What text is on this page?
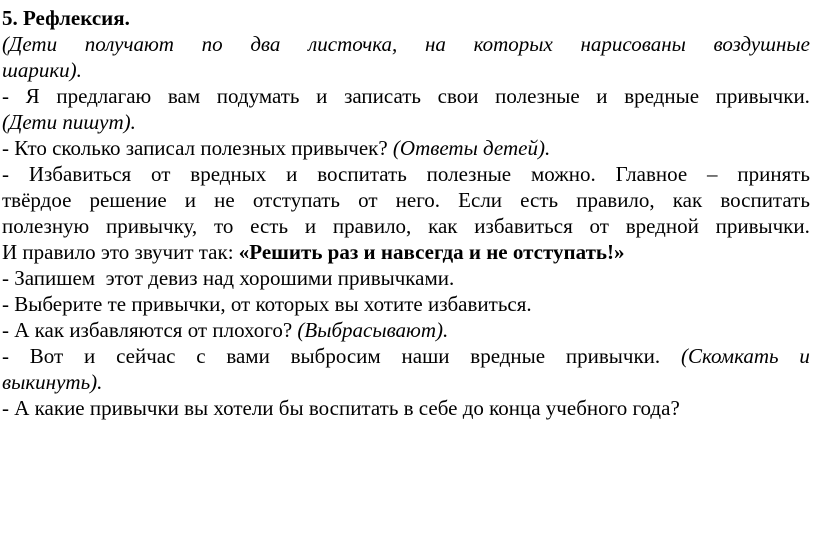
5. Рефлексия.
(Дети получают по два листочка, на которых нарисованы воздушные
шарики).
- Я предлагаю вам подумать и записать свои полезные и вредные привычки.
(Дети пишут).
- Кто сколько записал полезных привычек? (Ответы детей).
- Избавиться от вредных и воспитать полезные можно. Главное – принять
твёрдое решение и не отступать от него. Если есть правило, как воспитать
полезную привычку, то есть и правило, как избавиться от вредной привычки.
И правило это звучит так: «Решить раз и навсегда и не отступать!»
- Запишем  этот девиз над хорошими привычками.
- Выберите те привычки, от которых вы хотите избавиться.
- А как избавляются от плохого? (Выбрасывают).
- Вот и сейчас с вами выбросим наши вредные привычки. (Скомкать и
выкинуть).
- А какие привычки вы хотели бы воспитать в себе до конца учебного года?
